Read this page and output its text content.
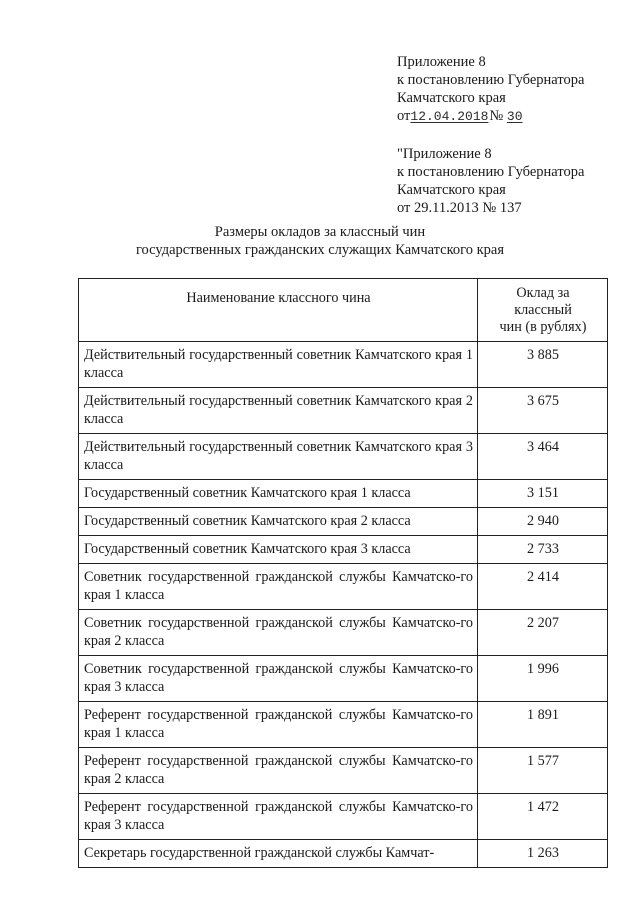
Приложение 8
к постановлению Губернатора
Камчатского края
от12.04.2018№ 30
"Приложение 8
к постановлению Губернатора
Камчатского края
от 29.11.2013 № 137
Размеры окладов за классный чин
государственных гражданских служащих Камчатского края
Наименование классного чина	Оклад за
классный
чин (в рублях)

Действительный государственный советник Камчатского края 1 класса	3 885
Действительный государственный советник Камчатского края 2 класса	3 675
Действительный государственный советник Камчатского края 3 класса	3 464
Государственный советник Камчатского края 1 класса	3 151
Государственный советник Камчатского края 2 класса	2 940
Государственный советник Камчатского края 3 класса	2 733
Советник государственной гражданской службы Камчатско-го края 1 класса	2 414
Советник государственной гражданской службы Камчатско-го края 2 класса	2 207
Советник государственной гражданской службы Камчатско-го края 3 класса	1 996
Референт государственной гражданской службы Камчатско-го края 1 класса	1 891
Референт государственной гражданской службы Камчатско-го края 2 класса	1 577
Референт государственной гражданской службы Камчатско-го края 3 класса	1 472
Секретарь государственной гражданской службы Камчат-	1 263
